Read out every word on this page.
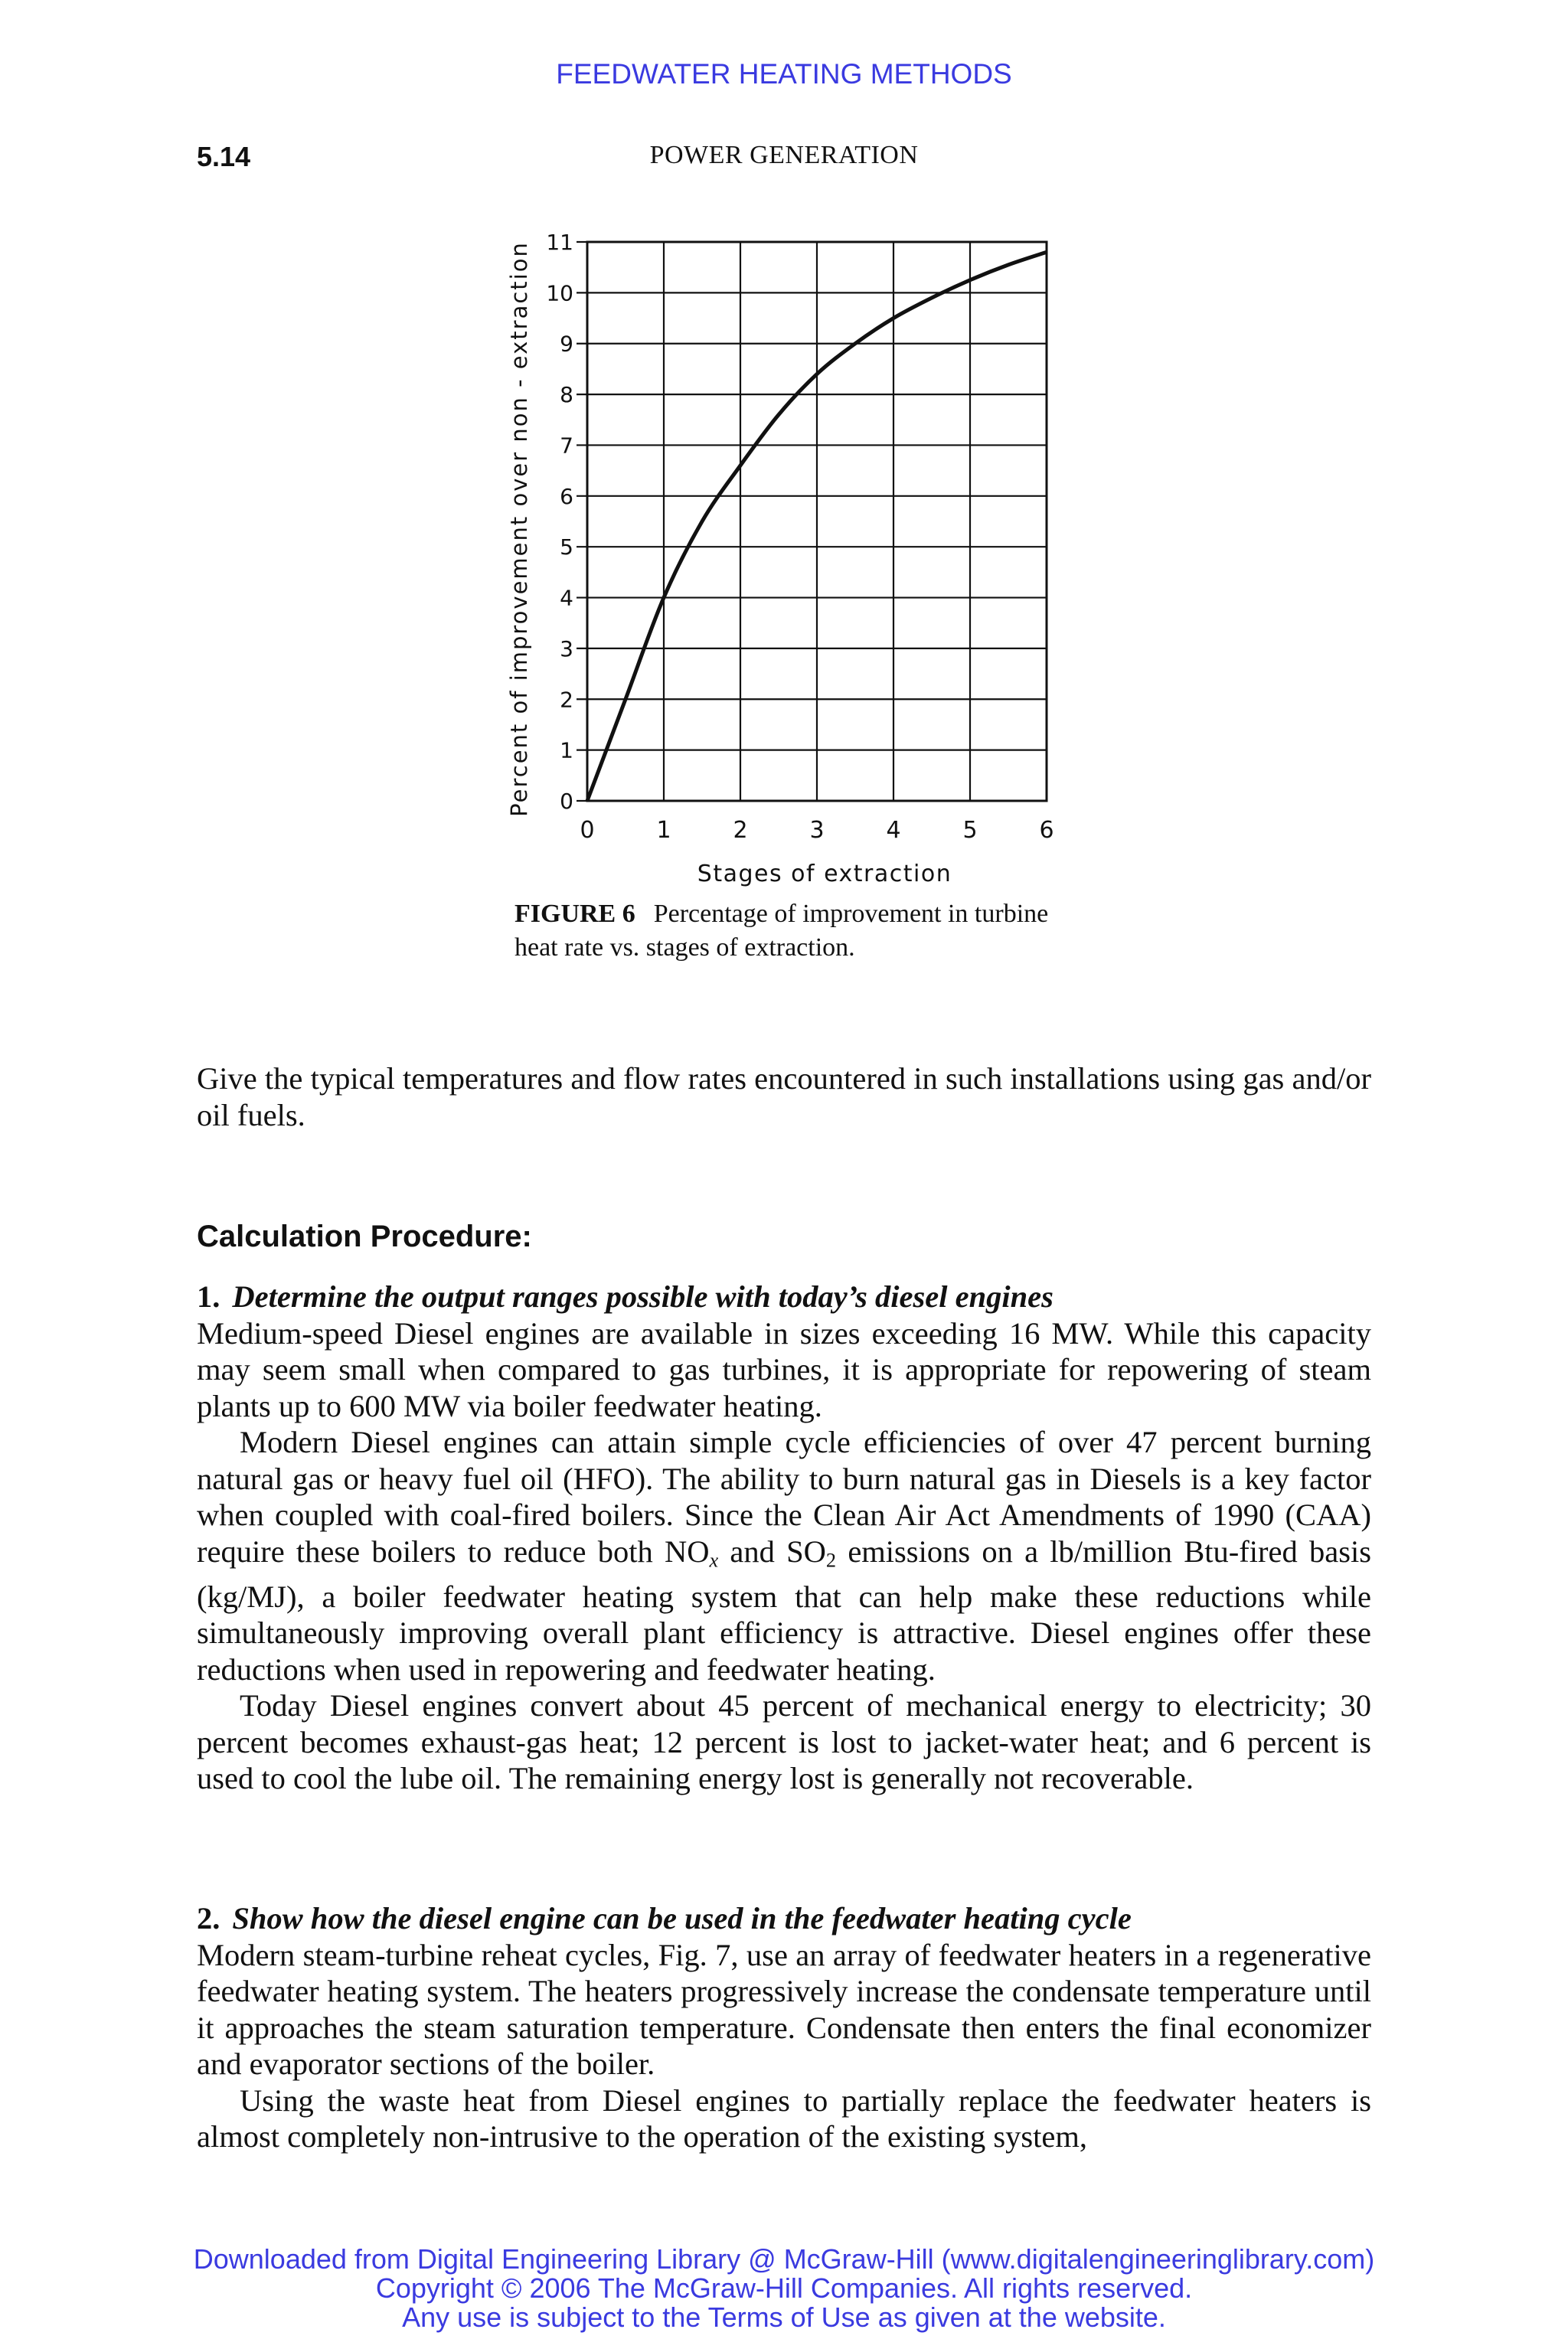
FEEDWATER HEATING METHODS
5.14	POWER GENERATION
0	1	2	3	4	5	6
0
1
2
3
4
5
6
7
8
9
10
11
Stages of extraction
Percent of improvement over non - extraction
FIGURE 6 Percentage of improvement in turbine heat rate vs. stages of extraction.

Give the typical temperatures and flow rates encountered in such installations using gas and/or oil fuels.

Calculation Procedure:

1. Determine the output ranges possible with today’s diesel engines

Medium-speed Diesel engines are available in sizes exceeding 16 MW. While this capacity may seem small when compared to gas turbines, it is appropriate for repowering of steam plants up to 600 MW via boiler feedwater heating.

Modern Diesel engines can attain simple cycle efficiencies of over 47 percent burning natural gas or heavy fuel oil (HFO). The ability to burn natural gas in Diesels is a key factor when coupled with coal-fired boilers. Since the Clean Air Act Amendments of 1990 (CAA) require these boilers to reduce both $NO_x$ and $SO_2$ emissions on a lb/million Btu-fired basis (kg/MJ), a boiler feedwater heating system that can help make these reductions while simultaneously improving overall plant efficiency is attractive. Diesel engines offer these reductions when used in repowering and feedwater heating.

Today Diesel engines convert about 45 percent of mechanical energy to electricity; 30 percent becomes exhaust-gas heat; 12 percent is lost to jacket-water heat; and 6 percent is used to cool the lube oil. The remaining energy lost is generally not recoverable.

2. Show how the diesel engine can be used in the feedwater heating cycle

Modern steam-turbine reheat cycles, Fig. 7, use an array of feedwater heaters in a regenerative feedwater heating system. The heaters progressively increase the condensate temperature until it approaches the steam saturation temperature. Condensate then enters the final economizer and evaporator sections of the boiler.

Using the waste heat from Diesel engines to partially replace the feedwater heaters is almost completely non-intrusive to the operation of the existing system,

Downloaded from Digital Engineering Library @ McGraw-Hill (www.digitalengineeringlibrary.com)
Copyright © 2006 The McGraw-Hill Companies. All rights reserved.
Any use is subject to the Terms of Use as given at the website.
